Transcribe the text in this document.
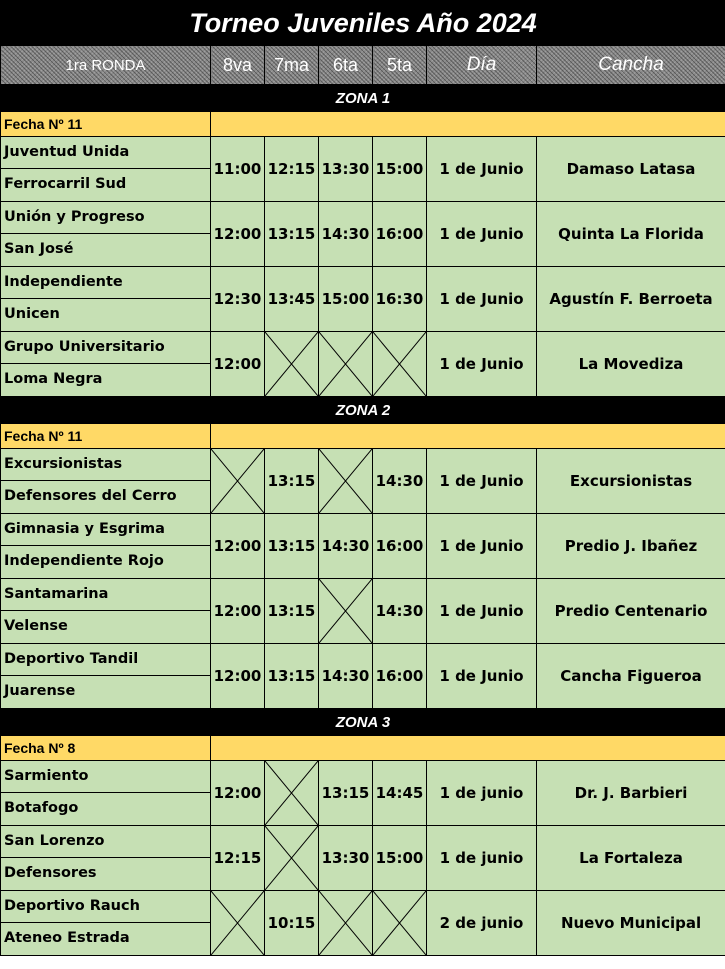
Torneo Juveniles Año 2024						
1ra RONDA	8va	7ma	6ta	5ta	Día	Cancha
ZONA 1						
Fecha Nº 11						

Juventud Unida
Ferrocarril Sud	11:00	12:15	13:30	15:00	1 de Junio	Damaso Latasa

Unión y Progreso
San José	12:00	13:15	14:30	16:00	1 de Junio	Quinta La Florida

Independiente
Unicen	12:30	13:45	15:00	16:30	1 de Junio	Agustín F. Berroeta

Grupo Universitario
Loma Negra	12:00				1 de Junio	La Movediza
ZONA 2						
Fecha Nº 11						

Excursionistas
Defensores del Cerro		13:15		14:30	1 de Junio	Excursionistas

Gimnasia y Esgrima
Independiente Rojo	12:00	13:15	14:30	16:00	1 de Junio	Predio J. Ibañez

Santamarina
Velense	12:00	13:15		14:30	1 de Junio	Predio Centenario

Deportivo Tandil
Juarense	12:00	13:15	14:30	16:00	1 de Junio	Cancha Figueroa
ZONA 3						
Fecha Nº 8						

Sarmiento
Botafogo	12:00		13:15	14:45	1 de junio	Dr. J. Barbieri

San Lorenzo
Defensores	12:15		13:30	15:00	1 de junio	La Fortaleza

Deportivo Rauch
Ateneo Estrada		10:15			2 de junio	Nuevo Municipal
